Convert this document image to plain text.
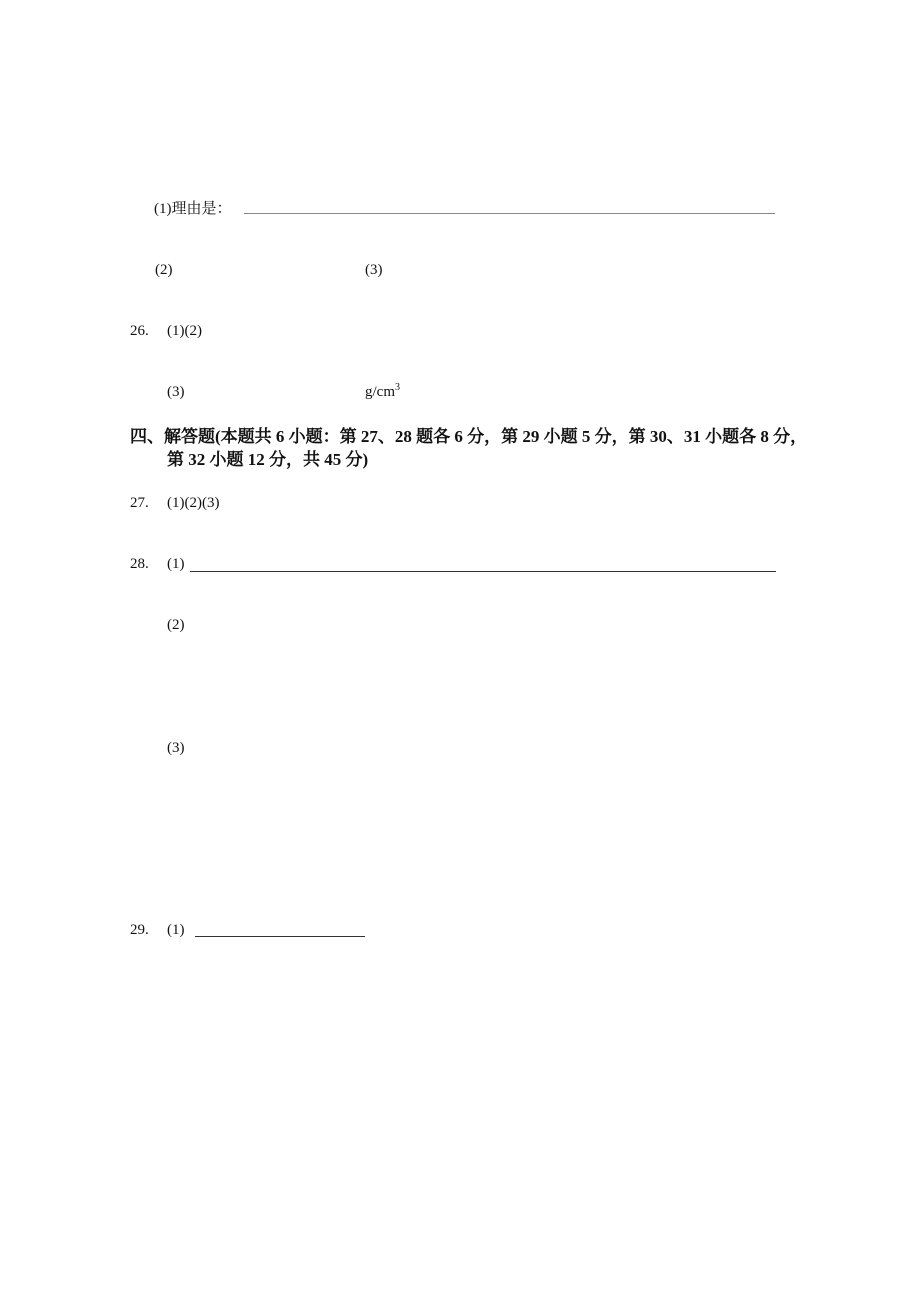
(1)理由是：
(2)	(3)
26. (1)(2)
(3)	$g/cm^3$
四、解答题(本题共 6 小题：第 27、28 题各 6 分，第 29 小题 5 分，第 30、31 小题各 8 分，
第 32 小题 12 分，共 45 分)
27. (1)(2)(3)
28. (1)
(2)
(3)
29. (1)
